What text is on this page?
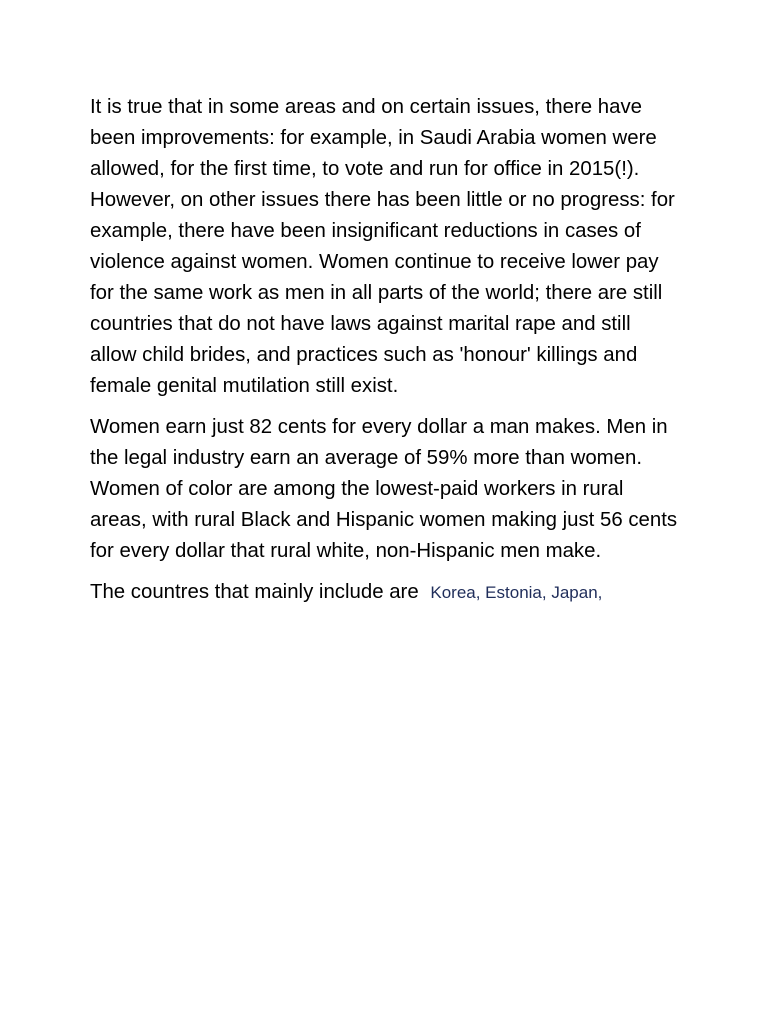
It is true that in some areas and on certain issues, there have been improvements: for example, in Saudi Arabia women were allowed, for the first time, to vote and run for office in 2015(!). However, on other issues there has been little or no progress: for example, there have been insignificant reductions in cases of violence against women. Women continue to receive lower pay for the same work as men in all parts of the world; there are still countries that do not have laws against marital rape and still allow child brides, and practices such as 'honour' killings and female genital mutilation still exist.

Women earn just 82 cents for every dollar a man makes. Men in the legal industry earn an average of 59% more than women. Women of color are among the lowest-paid workers in rural areas, with rural Black and Hispanic women making just 56 cents for every dollar that rural white, non-Hispanic men make.

The countres that mainly include are Korea, Estonia, Japan,
